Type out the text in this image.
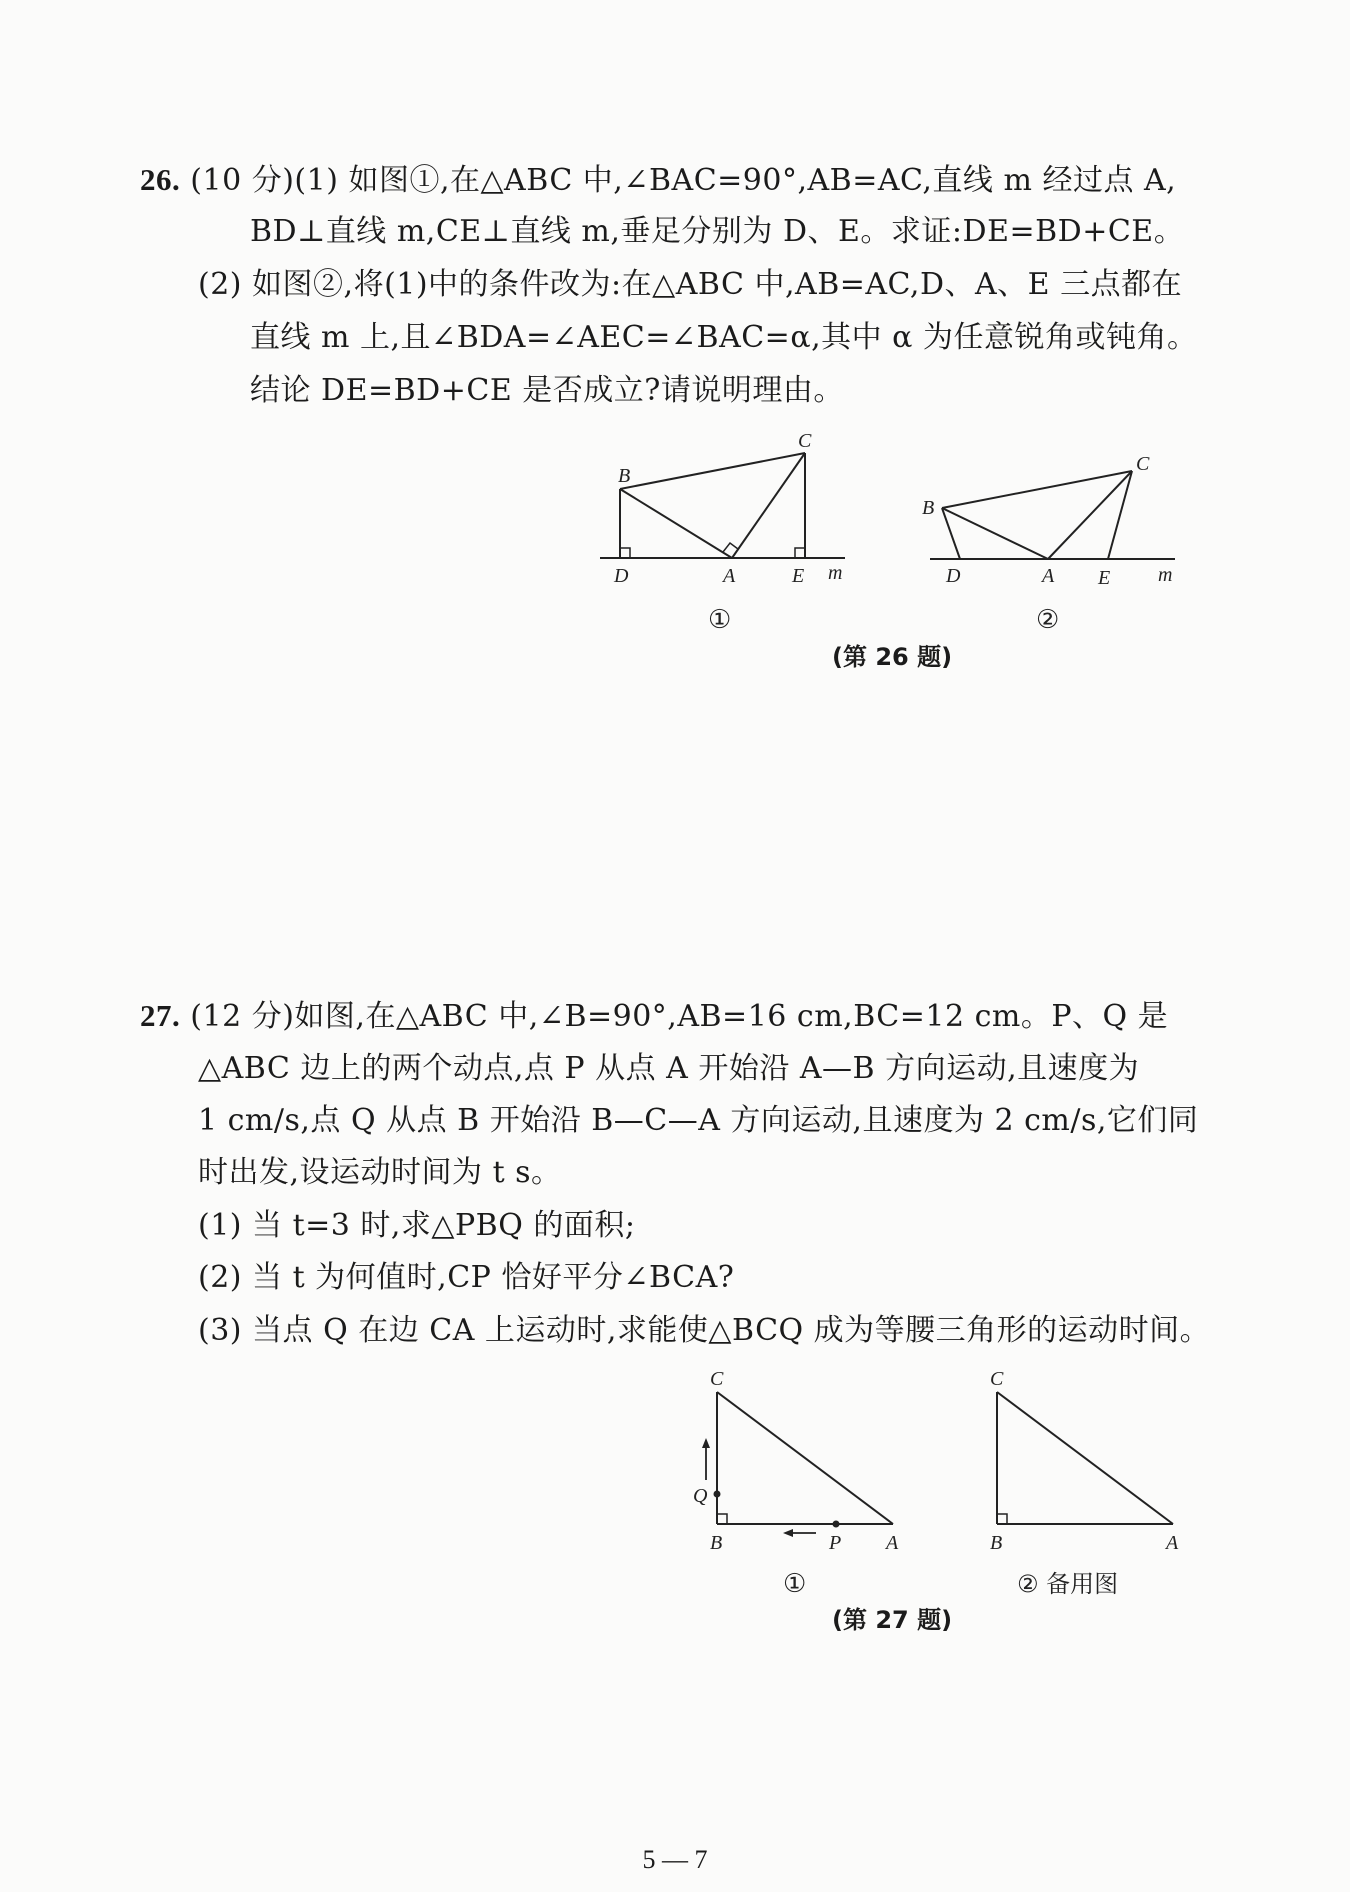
26. (10 分)(1) 如图①,在△ABC 中,∠BAC=90°,AB=AC,直线 m 经过点 A,
BD⊥直线 m,CE⊥直线 m,垂足分别为 D、E。求证:DE=BD+CE。
(2) 如图②,将(1)中的条件改为:在△ABC 中,AB=AC,D、A、E 三点都在
直线 m 上,且∠BDA=∠AEC=∠BAC=α,其中 α 为任意锐角或钝角。
结论 DE=BD+CE 是否成立?请说明理由。
B
C
D	A	E m
①
B
C
D	A E m
②
(第 26 题)
27. (12 分)如图,在△ABC 中,∠B=90°,AB=16 cm,BC=12 cm。P、Q 是
△ABC 边上的两个动点,点 P 从点 A 开始沿 A—B 方向运动,且速度为
1 cm/s,点 Q 从点 B 开始沿 B—C—A 方向运动,且速度为 2 cm/s,它们同
时出发,设运动时间为 t s。
(1) 当 t=3 时,求△PBQ 的面积;
(2) 当 t 为何值时,CP 恰好平分∠BCA?
(3) 当点 Q 在边 CA 上运动时,求能使△BCQ 成为等腰三角形的运动时间。
C
Q
B	P A
①
C
B	A
② 备用图
(第 27 题)
5 — 7
